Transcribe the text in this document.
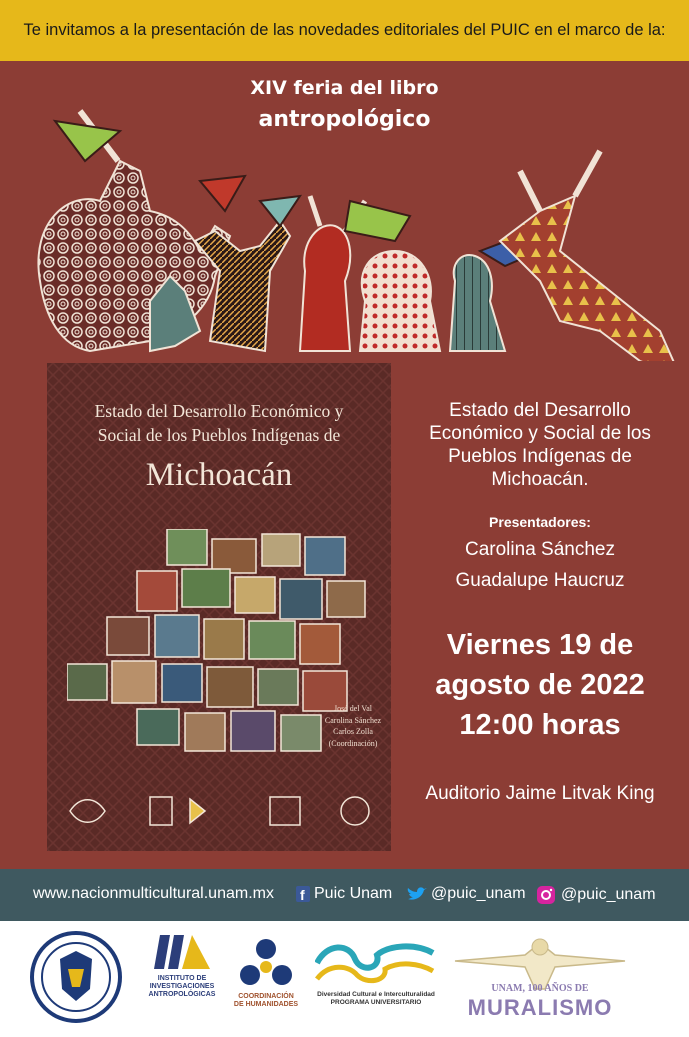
Te invitamos a la presentación de las novedades editoriales del PUIC en el marco de la:
XIV feria del libro
antropológico
Estado del Desarrollo Económico y
Social de los Pueblos Indígenas de
Michoacán
José del Val
Carolina Sánchez
Carlos Zolla
(Coordinación)
Estado del Desarrollo
Económico y Social de los
Pueblos Indígenas de
Michoacán.
Presentadores:
Carolina Sánchez
Guadalupe Haucruz
Viernes 19 de
agosto de 2022
12:00 horas
Auditorio Jaime Litvak King
www.nacionmulticultural.unam.mx f Puic Unam @puic_unam @puic_unam
INSTITUTO DE
INVESTIGACIONES
ANTROPOLÓGICAS	COORDINACIÓN
DE HUMANIDADES
Diversidad Cultural e Interculturalidad
PROGRAMA UNIVERSITARIO
UNAM, 100 AÑOS DE
MURALISMO
